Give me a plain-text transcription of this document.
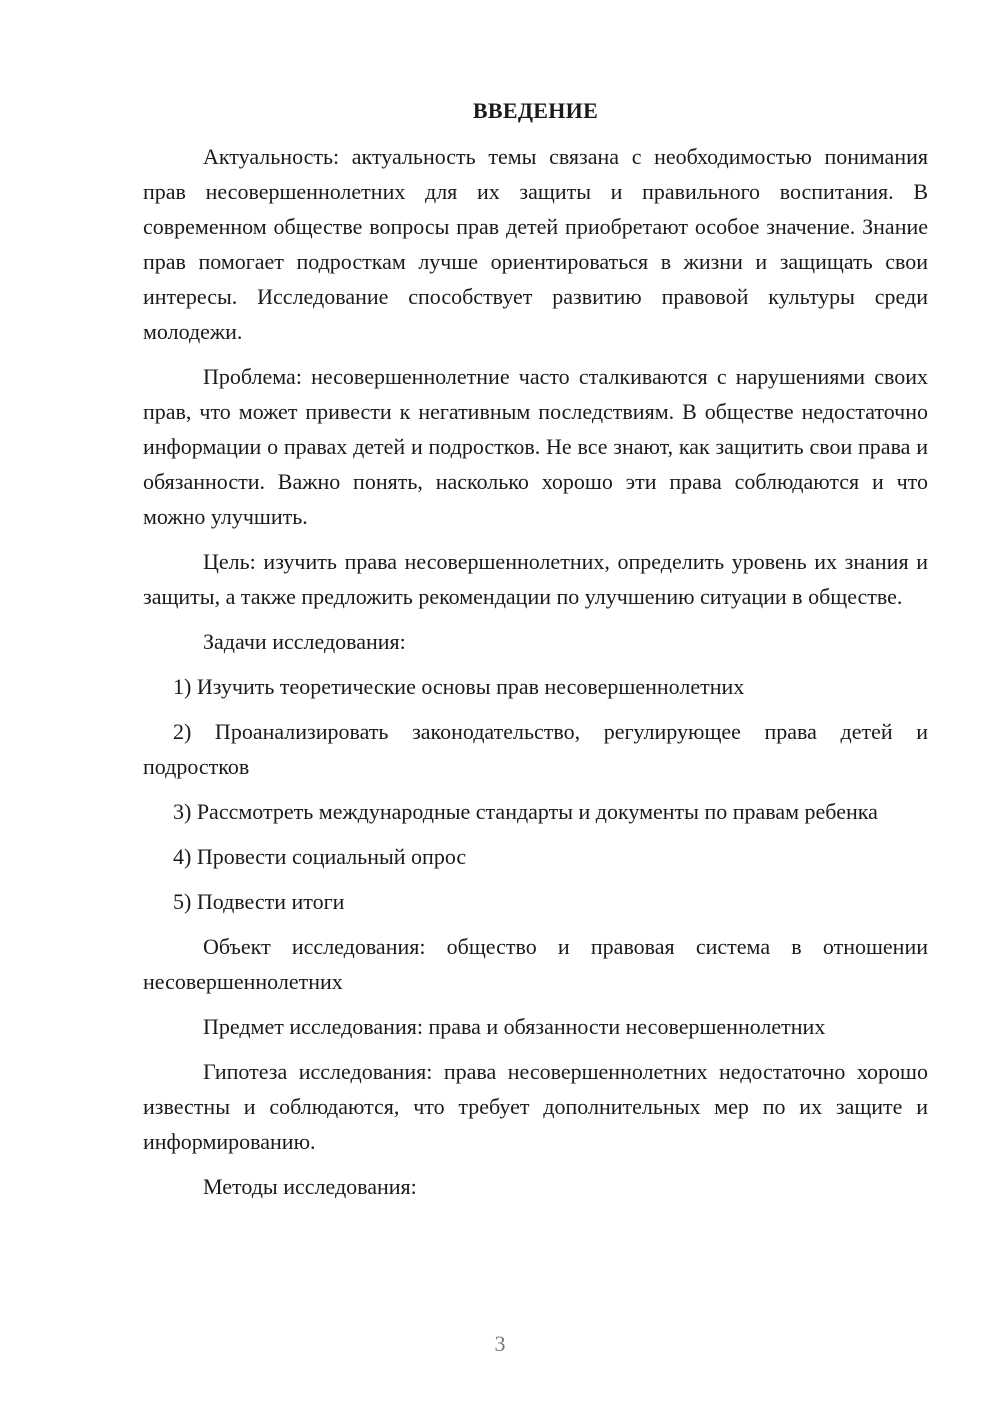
ВВЕДЕНИЕ

Актуальность: актуальность темы связана с необходимостью понимания прав несовершеннолетних для их защиты и правильного воспитания. В современном обществе вопросы прав детей приобретают особое значение. Знание прав помогает подросткам лучше ориентироваться в жизни и защищать свои интересы. Исследование способствует развитию правовой культуры среди молодежи.

Проблема: несовершеннолетние часто сталкиваются с нарушениями своих прав, что может привести к негативным последствиям. В обществе недостаточно информации о правах детей и подростков. Не все знают, как защитить свои права и обязанности. Важно понять, насколько хорошо эти права соблюдаются и что можно улучшить.

Цель: изучить права несовершеннолетних, определить уровень их знания и защиты, а также предложить рекомендации по улучшению ситуации в обществе.

Задачи исследования:

1) Изучить теоретические основы прав несовершеннолетних

2) Проанализировать законодательство, регулирующее права детей и подростков

3) Рассмотреть международные стандарты и документы по правам ребенка

4) Провести социальный опрос

5) Подвести итоги

Объект исследования: общество и правовая система в отношении несовершеннолетних

Предмет исследования: права и обязанности несовершеннолетних

Гипотеза исследования: права несовершеннолетних недостаточно хорошо известны и соблюдаются, что требует дополнительных мер по их защите и информированию.

Методы исследования:

3
